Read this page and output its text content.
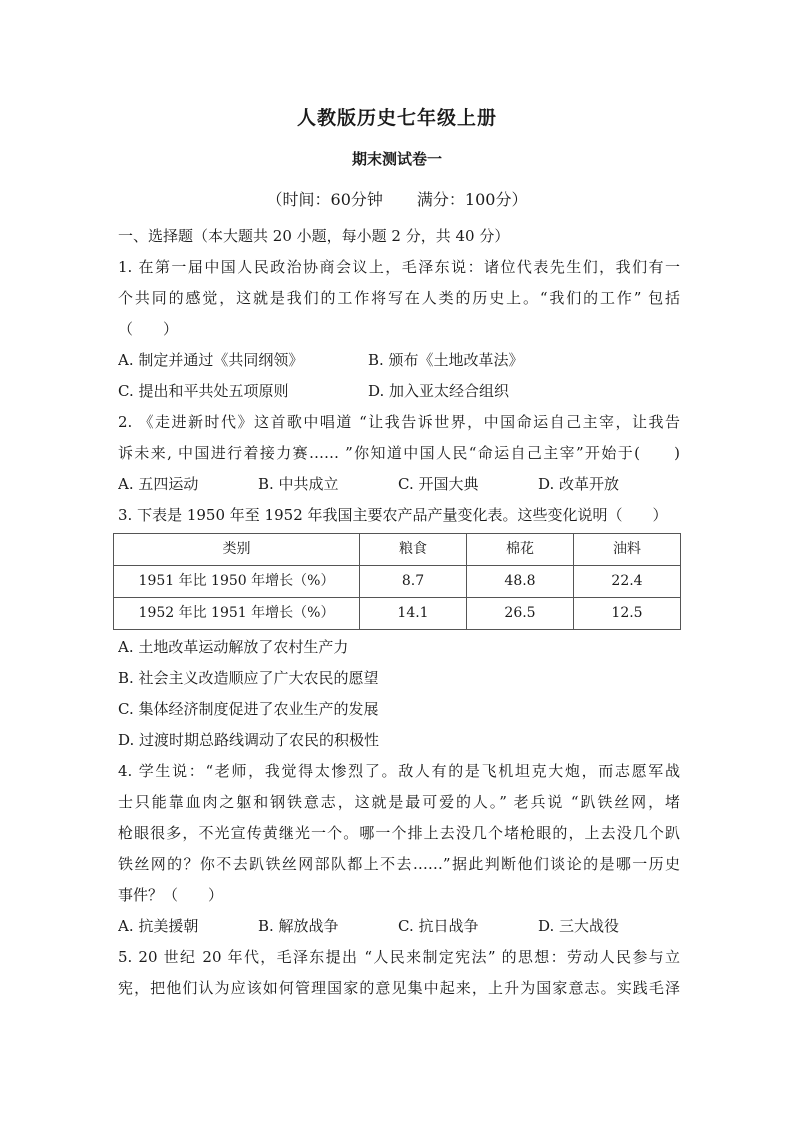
人教版历史七年级上册
期末测试卷一
（时间：60分钟 满分：100分）
一、选择题（本大题共 20 小题，每小题 2 分，共 40 分）
1. 在第一届中国人民政治协商会议上，毛泽东说：诸位代表先生们，我们有一
个共同的感觉，这就是我们的工作将写在人类的历史上。“我们的工作” 包括
（　　）
A. 制定并通过《共同纲领》	B. 颁布《土地改革法》
C. 提出和平共处五项原则	D. 加入亚太经合组织
2. 《走进新时代》这首歌中唱道 “让我告诉世界，中国命运自己主宰，让我告
诉未来, 中国进行着接力赛…… ”你知道中国人民“命运自己主宰”开始于(　　)
A. 五四运动	B. 中共成立	C. 开国大典	D. 改革开放
3. 下表是 1950 年至 1952 年我国主要农产品产量变化表。这些变化说明（　　）
类别	粮食	棉花	油料
1951 年比 1950 年增长（%）	8.7	48.8	22.4
1952 年比 1951 年增长（%）	14.1	26.5	12.5
A. 土地改革运动解放了农村生产力
B. 社会主义改造顺应了广大农民的愿望
C. 集体经济制度促进了农业生产的发展
D. 过渡时期总路线调动了农民的积极性
4. 学生说：“老师，我觉得太惨烈了。敌人有的是飞机坦克大炮，而志愿军战
士只能靠血肉之躯和钢铁意志，这就是最可爱的人。” 老兵说 “趴铁丝网，堵
枪眼很多，不光宣传黄继光一个。哪一个排上去没几个堵枪眼的，上去没几个趴
铁丝网的？你不去趴铁丝网部队都上不去……”据此判断他们谈论的是哪一历史
事件？（　　）
A. 抗美援朝	B. 解放战争	C. 抗日战争	D. 三大战役
5. 20 世纪 20 年代，毛泽东提出 “人民来制定宪法” 的思想：劳动人民参与立
宪，把他们认为应该如何管理国家的意见集中起来，上升为国家意志。实践毛泽
